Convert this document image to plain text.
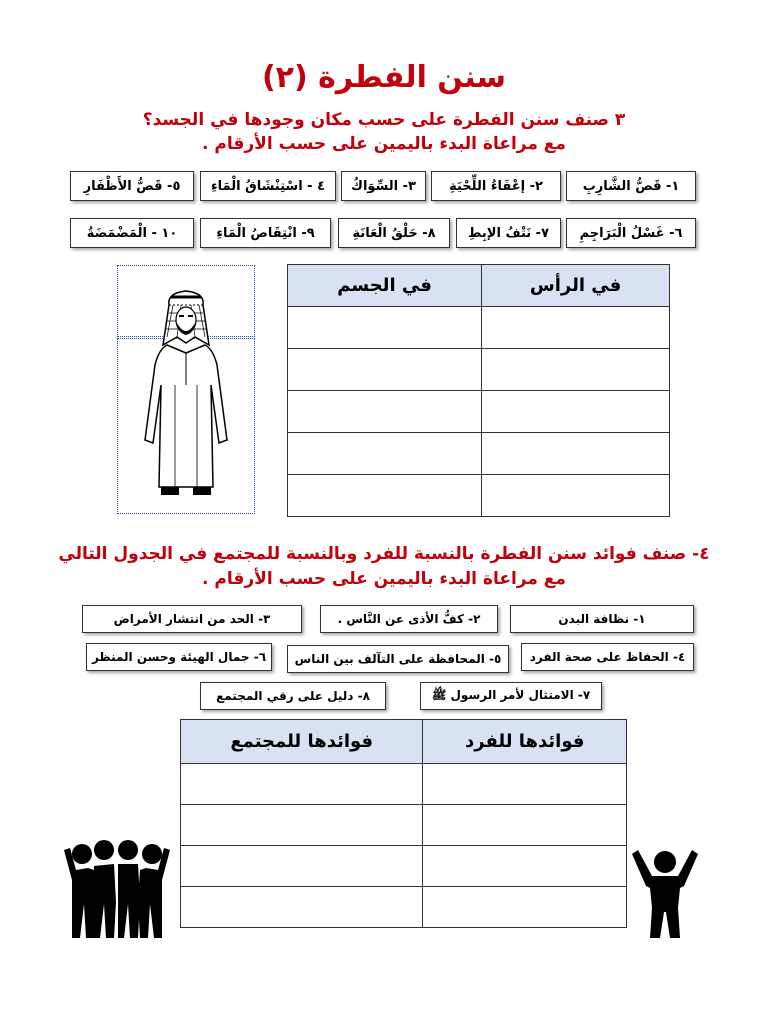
سنن الفطرة (٢)
٣ صنف سنن الفطرة على حسب مكان وجودها في الجسد؟
مع مراعاة البدء باليمين على حسب الأرقام .
١- قَصُّ الشَّارِبِ
٢- إعْفَاءُ اللِّحْيَةِ
٣- السِّوَاكُ
٤ - اسْتِنْشَاقُ الْمَاءِ
٥- قَصُّ الأَظْفَارِ
٦- غَسْلُ الْبَرَاجِمِ
٧- نَتْفُ الإبِطِ
٨- حَلْقُ الْعَانَةِ
٩- انْتِقَاصُ الْمَاءِ
١٠ - الْمَضْمَضَةُ
في الرأس	في الجسم

٤- صنف فوائد سنن الفطرة بالنسبة للفرد وبالنسبة للمجتمع في الجدول التالي
مع مراعاة البدء باليمين على حسب الأرقام .
١- نظافة البدن
٢- كفُّ الأذى عن النَّاس .
٣- الحد من انتشار الأمراض
٤- الحفاظ على صحة الفرد
٥- المحافظة على التآلف بين الناس
٦- جمال الهيئة وحسن المنظر
٧- الامتثال لأمر الرسول ﷺ
٨- دليل على رقي المجتمع
فوائدها للفرد	فوائدها للمجتمع
